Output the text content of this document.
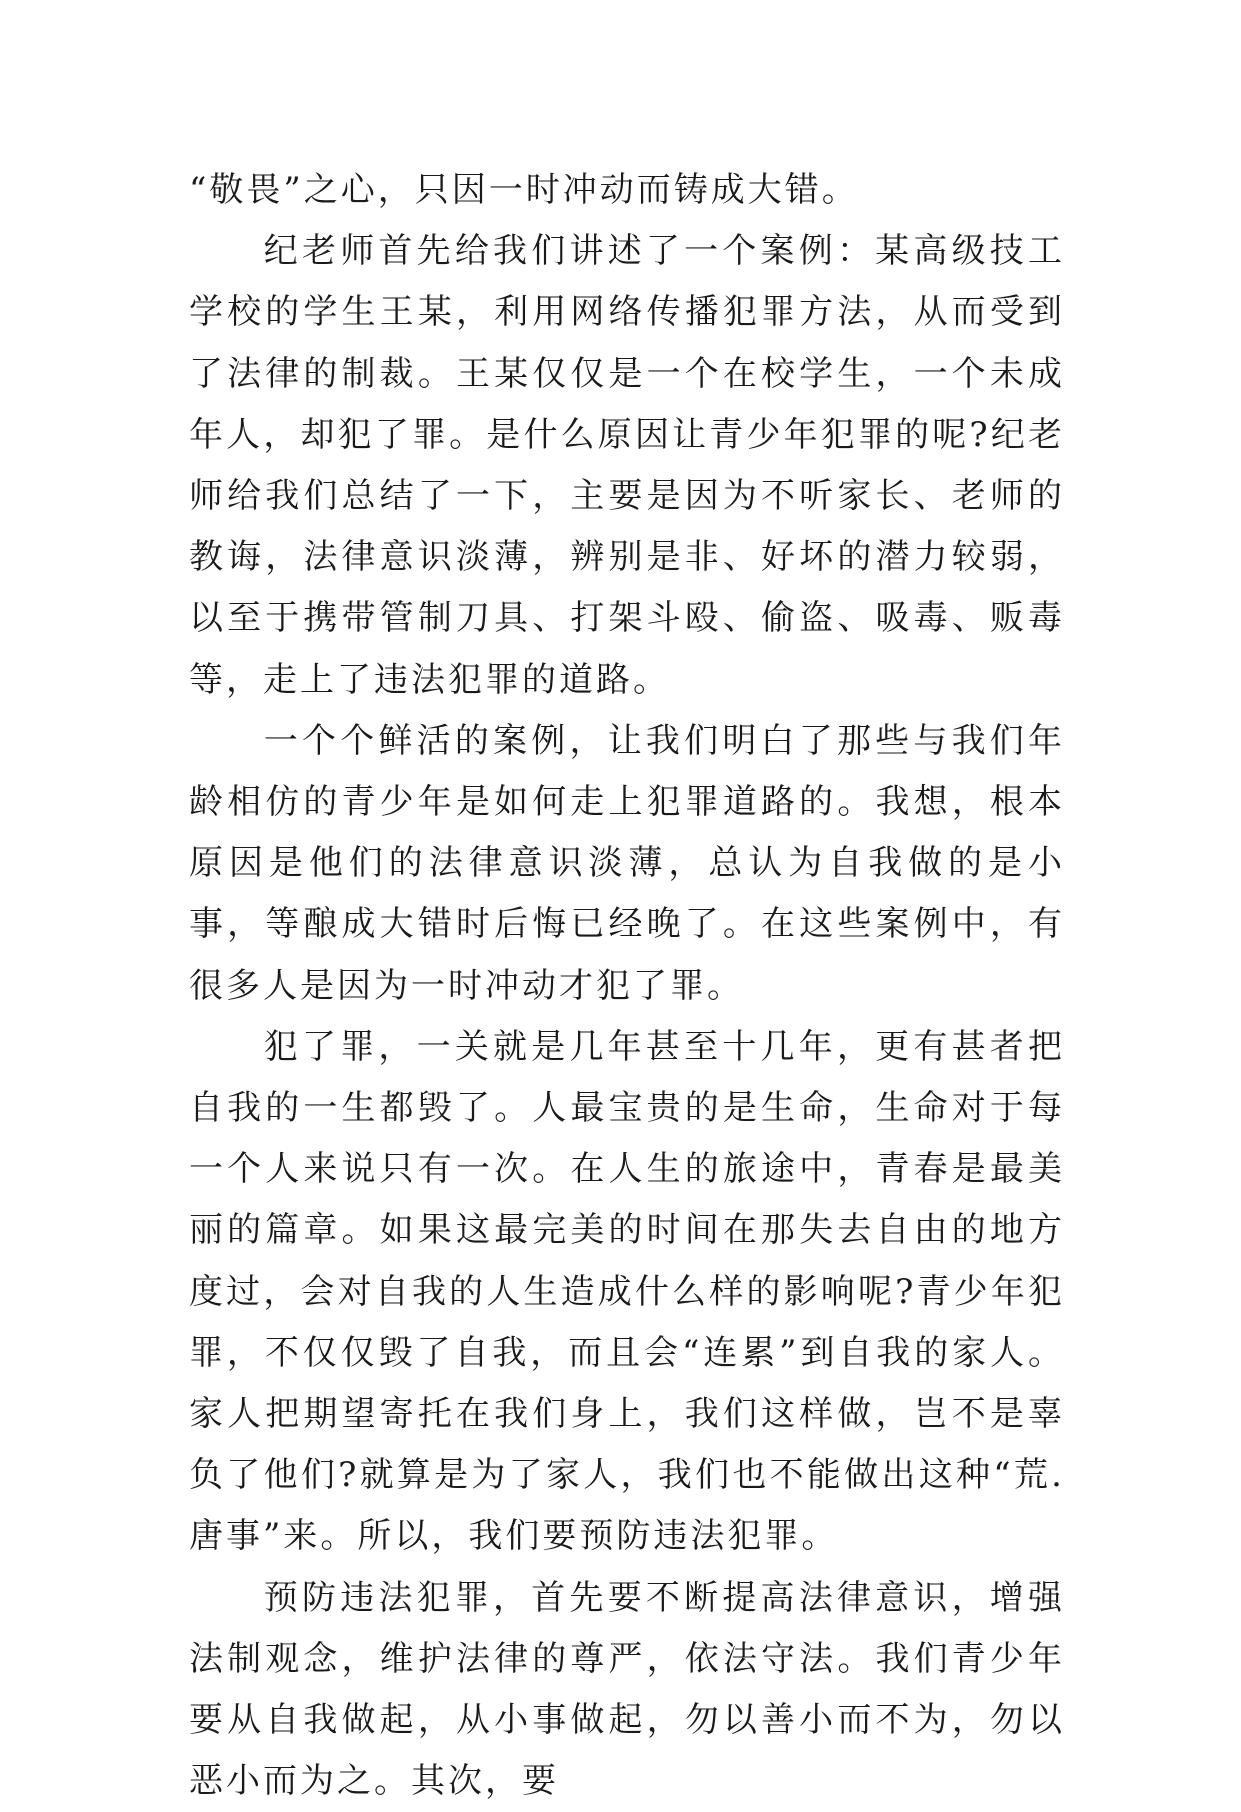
“敬畏”之心，只因一时冲动而铸成大错。

纪老师首先给我们讲述了一个案例：某高级技工学校的学生王某，利用网络传播犯罪方法，从而受到了法律的制裁。王某仅仅是一个在校学生，一个未成年人，却犯了罪。是什么原因让青少年犯罪的呢?纪老师给我们总结了一下，主要是因为不听家长、老师的教诲，法律意识淡薄，辨别是非、好坏的潜力较弱，以至于携带管制刀具、打架斗殴、偷盗、吸毒、贩毒等，走上了违法犯罪的道路。

一个个鲜活的案例，让我们明白了那些与我们年龄相仿的青少年是如何走上犯罪道路的。我想，根本原因是他们的法律意识淡薄，总认为自我做的是小事，等酿成大错时后悔已经晚了。在这些案例中，有很多人是因为一时冲动才犯了罪。

犯了罪，一关就是几年甚至十几年，更有甚者把自我的一生都毁了。人最宝贵的是生命，生命对于每一个人来说只有一次。在人生的旅途中，青春是最美丽的篇章。如果这最完美的时间在那失去自由的地方度过，会对自我的人生造成什么样的影响呢?青少年犯罪，不仅仅毁了自我，而且会“连累”到自我的家人。家人把期望寄托在我们身上，我们这样做，岂不是辜负了他们?就算是为了家人，我们也不能做出这种“荒.唐事”来。所以，我们要预防违法犯罪。

预防违法犯罪，首先要不断提高法律意识，增强法制观念，维护法律的尊严，依法守法。我们青少年要从自我做起，从小事做起，勿以善小而不为，勿以恶小而为之。其次，要
